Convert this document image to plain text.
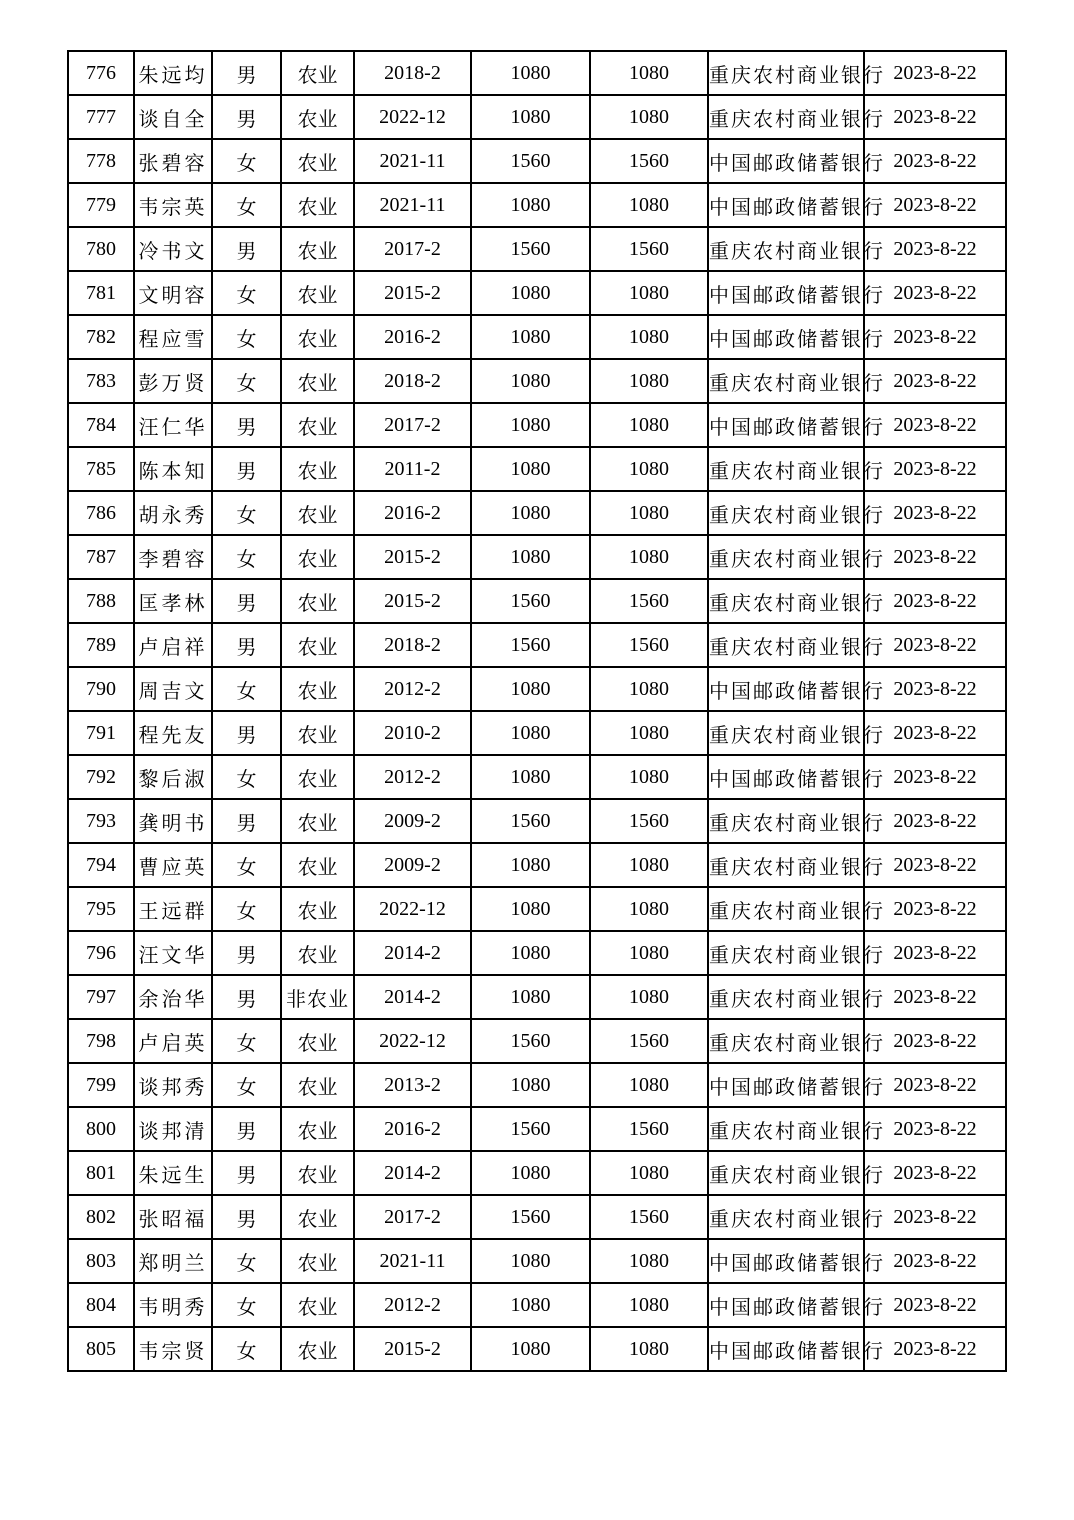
776	朱远均	男	农业	2018-2	1080	1080	重庆农村商业银行	2023-8-22
777	谈自全	男	农业	2022-12	1080	1080	重庆农村商业银行	2023-8-22
778	张碧容	女	农业	2021-11	1560	1560	中国邮政储蓄银行	2023-8-22
779	韦宗英	女	农业	2021-11	1080	1080	中国邮政储蓄银行	2023-8-22
780	冷书文	男	农业	2017-2	1560	1560	重庆农村商业银行	2023-8-22
781	文明容	女	农业	2015-2	1080	1080	中国邮政储蓄银行	2023-8-22
782	程应雪	女	农业	2016-2	1080	1080	中国邮政储蓄银行	2023-8-22
783	彭万贤	女	农业	2018-2	1080	1080	重庆农村商业银行	2023-8-22
784	汪仁华	男	农业	2017-2	1080	1080	中国邮政储蓄银行	2023-8-22
785	陈本知	男	农业	2011-2	1080	1080	重庆农村商业银行	2023-8-22
786	胡永秀	女	农业	2016-2	1080	1080	重庆农村商业银行	2023-8-22
787	李碧容	女	农业	2015-2	1080	1080	重庆农村商业银行	2023-8-22
788	匡孝林	男	农业	2015-2	1560	1560	重庆农村商业银行	2023-8-22
789	卢启祥	男	农业	2018-2	1560	1560	重庆农村商业银行	2023-8-22
790	周吉文	女	农业	2012-2	1080	1080	中国邮政储蓄银行	2023-8-22
791	程先友	男	农业	2010-2	1080	1080	重庆农村商业银行	2023-8-22
792	黎后淑	女	农业	2012-2	1080	1080	中国邮政储蓄银行	2023-8-22
793	龚明书	男	农业	2009-2	1560	1560	重庆农村商业银行	2023-8-22
794	曹应英	女	农业	2009-2	1080	1080	重庆农村商业银行	2023-8-22
795	王远群	女	农业	2022-12	1080	1080	重庆农村商业银行	2023-8-22
796	汪文华	男	农业	2014-2	1080	1080	重庆农村商业银行	2023-8-22
797	余治华	男	非农业	2014-2	1080	1080	重庆农村商业银行	2023-8-22
798	卢启英	女	农业	2022-12	1560	1560	重庆农村商业银行	2023-8-22
799	谈邦秀	女	农业	2013-2	1080	1080	中国邮政储蓄银行	2023-8-22
800	谈邦清	男	农业	2016-2	1560	1560	重庆农村商业银行	2023-8-22
801	朱远生	男	农业	2014-2	1080	1080	重庆农村商业银行	2023-8-22
802	张昭福	男	农业	2017-2	1560	1560	重庆农村商业银行	2023-8-22
803	郑明兰	女	农业	2021-11	1080	1080	中国邮政储蓄银行	2023-8-22
804	韦明秀	女	农业	2012-2	1080	1080	中国邮政储蓄银行	2023-8-22
805	韦宗贤	女	农业	2015-2	1080	1080	中国邮政储蓄银行	2023-8-22
